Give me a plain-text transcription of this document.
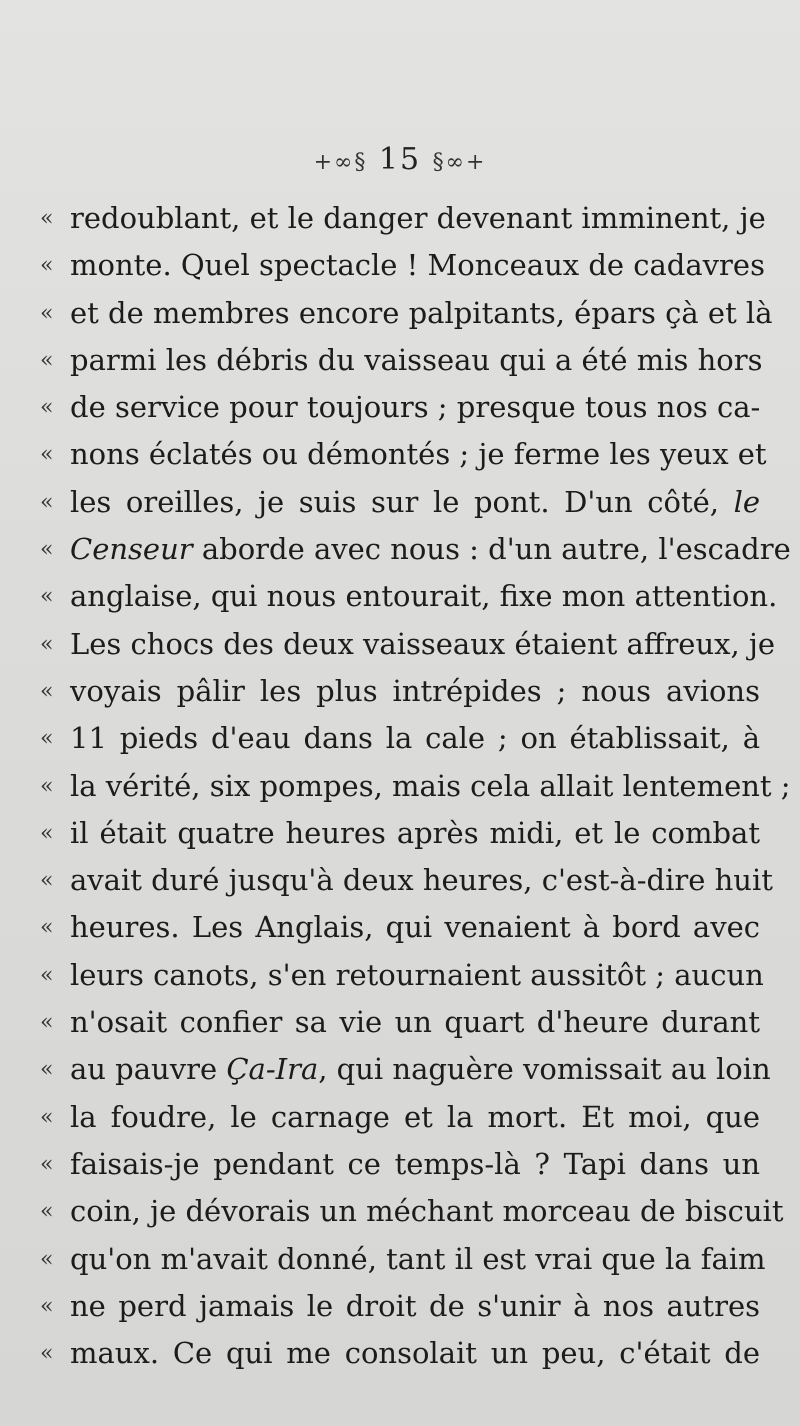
+∞§ 15 §∞+
« redoublant, et le danger devenant imminent, je
« monte. Quel spectacle ! Monceaux de cadavres
« et de membres encore palpitants, épars çà et là
« parmi les débris du vaisseau qui a été mis hors
« de service pour toujours ; presque tous nos ca-
« nons éclatés ou démontés ; je ferme les yeux et
« les oreilles, je suis sur le pont. D'un côté, le
« Censeur aborde avec nous : d'un autre, l'escadre
« anglaise, qui nous entourait, fixe mon attention.
« Les chocs des deux vaisseaux étaient affreux, je
« voyais pâlir les plus intrépides ; nous avions
« 11 pieds d'eau dans la cale ; on établissait, à
« la vérité, six pompes, mais cela allait lentement ;
« il était quatre heures après midi, et le combat
« avait duré jusqu'à deux heures, c'est-à-dire huit
« heures. Les Anglais, qui venaient à bord avec
« leurs canots, s'en retournaient aussitôt ; aucun
« n'osait confier sa vie un quart d'heure durant
« au pauvre Ça-Ira, qui naguère vomissait au loin
« la foudre, le carnage et la mort. Et moi, que
« faisais-je pendant ce temps-là ? Tapi dans un
« coin, je dévorais un méchant morceau de biscuit
« qu'on m'avait donné, tant il est vrai que la faim
« ne perd jamais le droit de s'unir à nos autres
« maux. Ce qui me consolait un peu, c'était de
